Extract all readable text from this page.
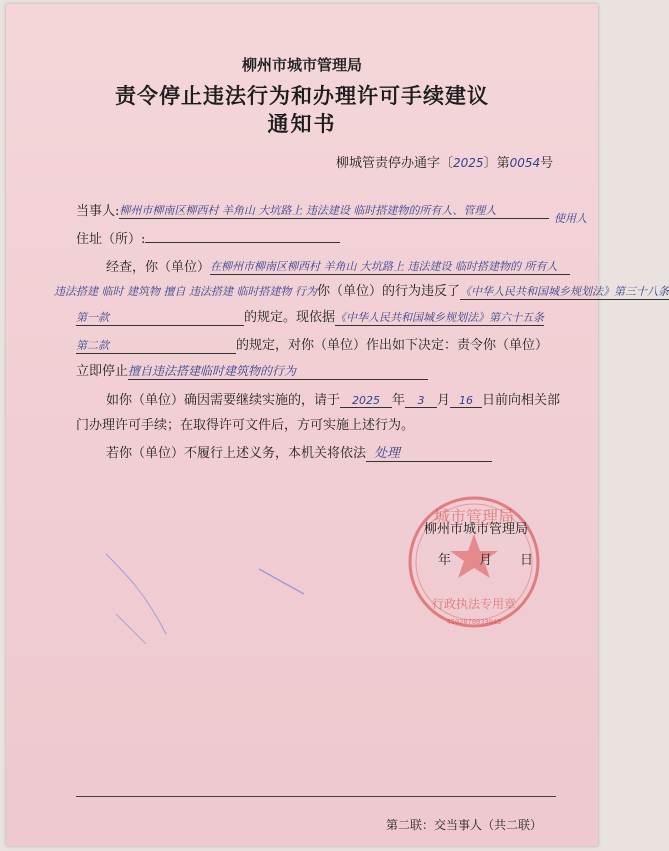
柳州市城市管理局
责令停止违法行为和办理许可手续建议
通知书
柳城管责停办通字〔2025〕第0054号
当事人:柳州市柳南区柳西村 羊角山 大坑路上 违法建设 临时搭建物的所有人、管理人
使用人
住址（所）:
经查，你（单位）在柳州市柳南区柳西村 羊角山 大坑路上 违法建设 临时搭建物的 所有人
违法搭建 临时 建筑物 擅自 违法搭建 临时搭建物 行为你（单位）的行为违反了《中华人民共和国城乡规划法》第三十八条
第一款	的规定。现依据《中华人民共和国城乡规划法》第六十五条
第二款	的规定，对你（单位）作出如下决定：责令你（单位）
立即停止擅自违法搭建临时建筑物的行为
如你（单位）确因需要继续实施的，请于 2025 年 3 月 16 日前向相关部
门办理许可手续；在取得许可文件后，方可实施上述行为。
若你（单位）不履行上述义务，本机关将依法 处理
城市管理局
行政执法专用章
4502070033045
柳州市城市管理局
年 月 日
第二联：交当事人（共二联）
